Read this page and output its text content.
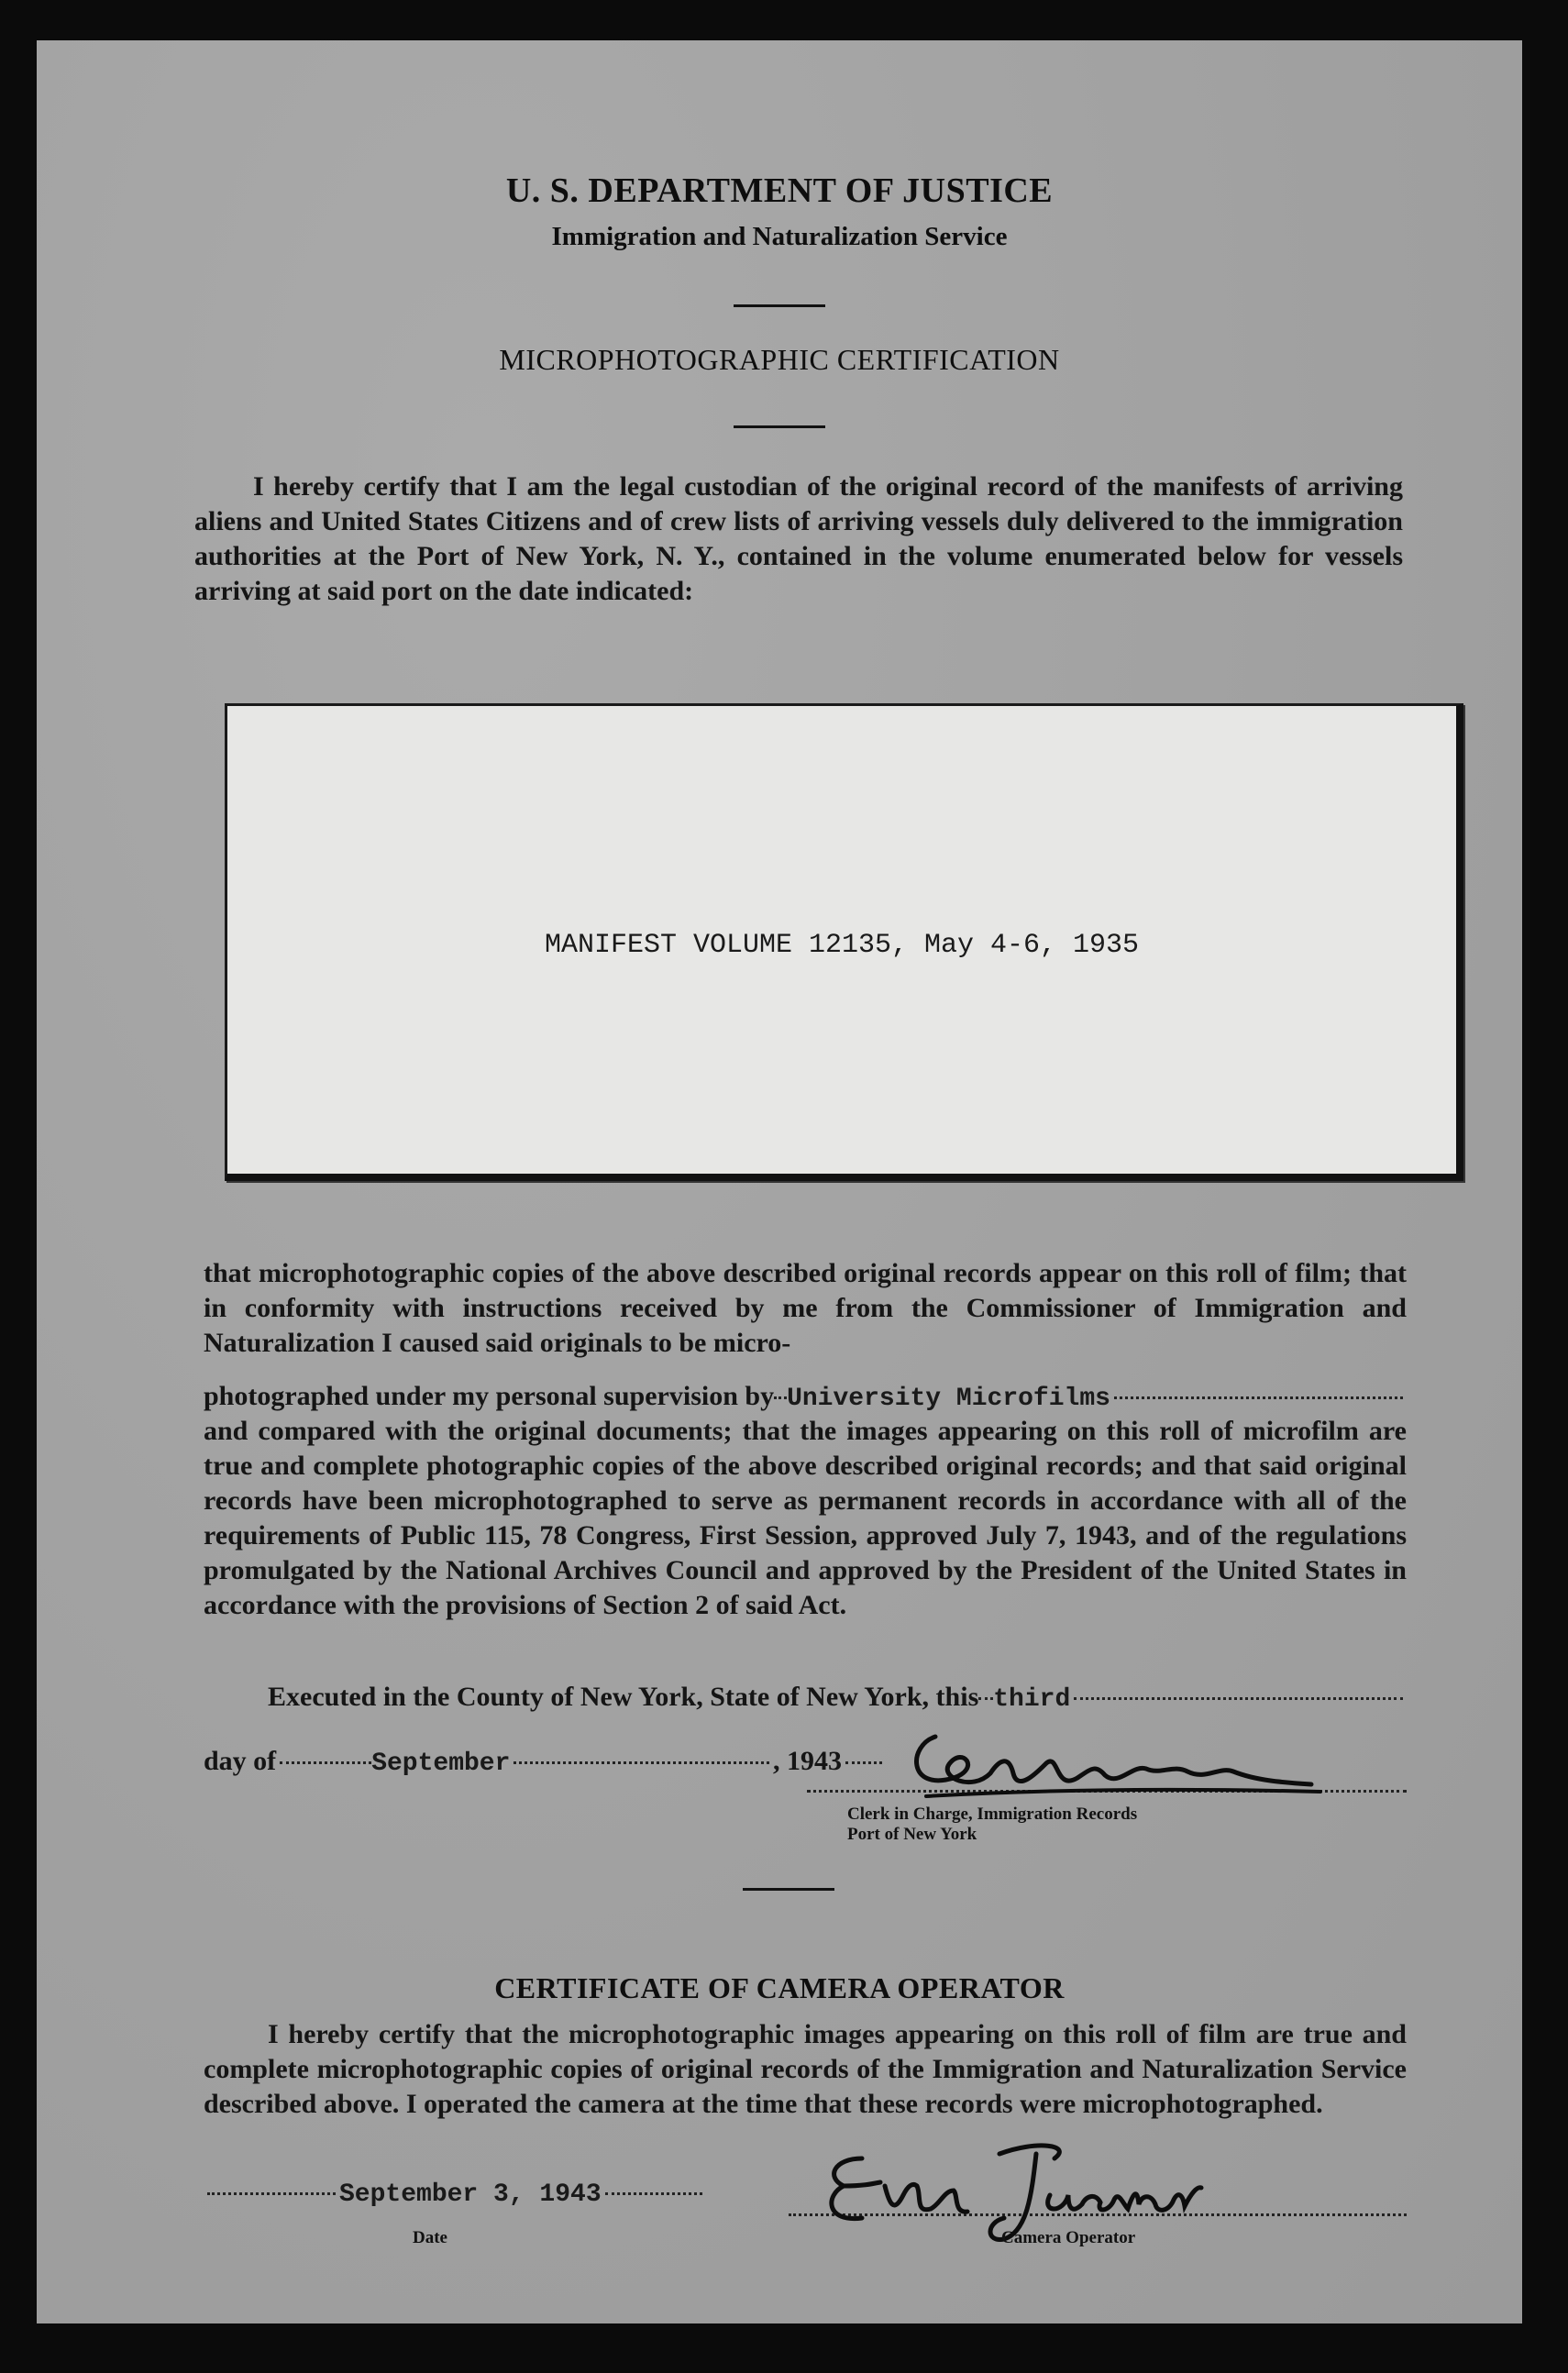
U. S. DEPARTMENT OF JUSTICE
Immigration and Naturalization Service
MICROPHOTOGRAPHIC CERTIFICATION

I hereby certify that I am the legal custodian of the original record of the manifests of arriving aliens and United States Citizens and of crew lists of arriving vessels duly delivered to the immigration authorities at the Port of New York, N. Y., contained in the volume enumerated below for vessels arriving at said port on the date indicated:

MANIFEST VOLUME 12135, May 4-6, 1935

that microphotographic copies of the above described original records appear on this roll of film; that in conformity with instructions received by me from the Commissioner of Immigration and Naturalization I caused said originals to be micro-

photographed under my personal supervision by University Microfilms

and compared with the original documents; that the images appearing on this roll of microfilm are true and complete photographic copies of the above described original records; and that said original records have been microphotographed to serve as permanent records in accordance with all of the requirements of Public 115, 78 Congress, First Session, approved July 7, 1943, and of the regulations promulgated by the National Archives Council and approved by the President of the United States in accordance with the provisions of Section 2 of said Act.

Executed in the County of New York, State of New York, this third
day of	September	, 1943
Clerk in Charge, Immigration Records
Port of New York
CERTIFICATE OF CAMERA OPERATOR

I hereby certify that the microphotographic images appearing on this roll of film are true and complete microphotographic copies of original records of the Immigration and Naturalization Service described above. I operated the camera at the time that these records were microphotographed.

September 3, 1943
Date	Camera Operator
